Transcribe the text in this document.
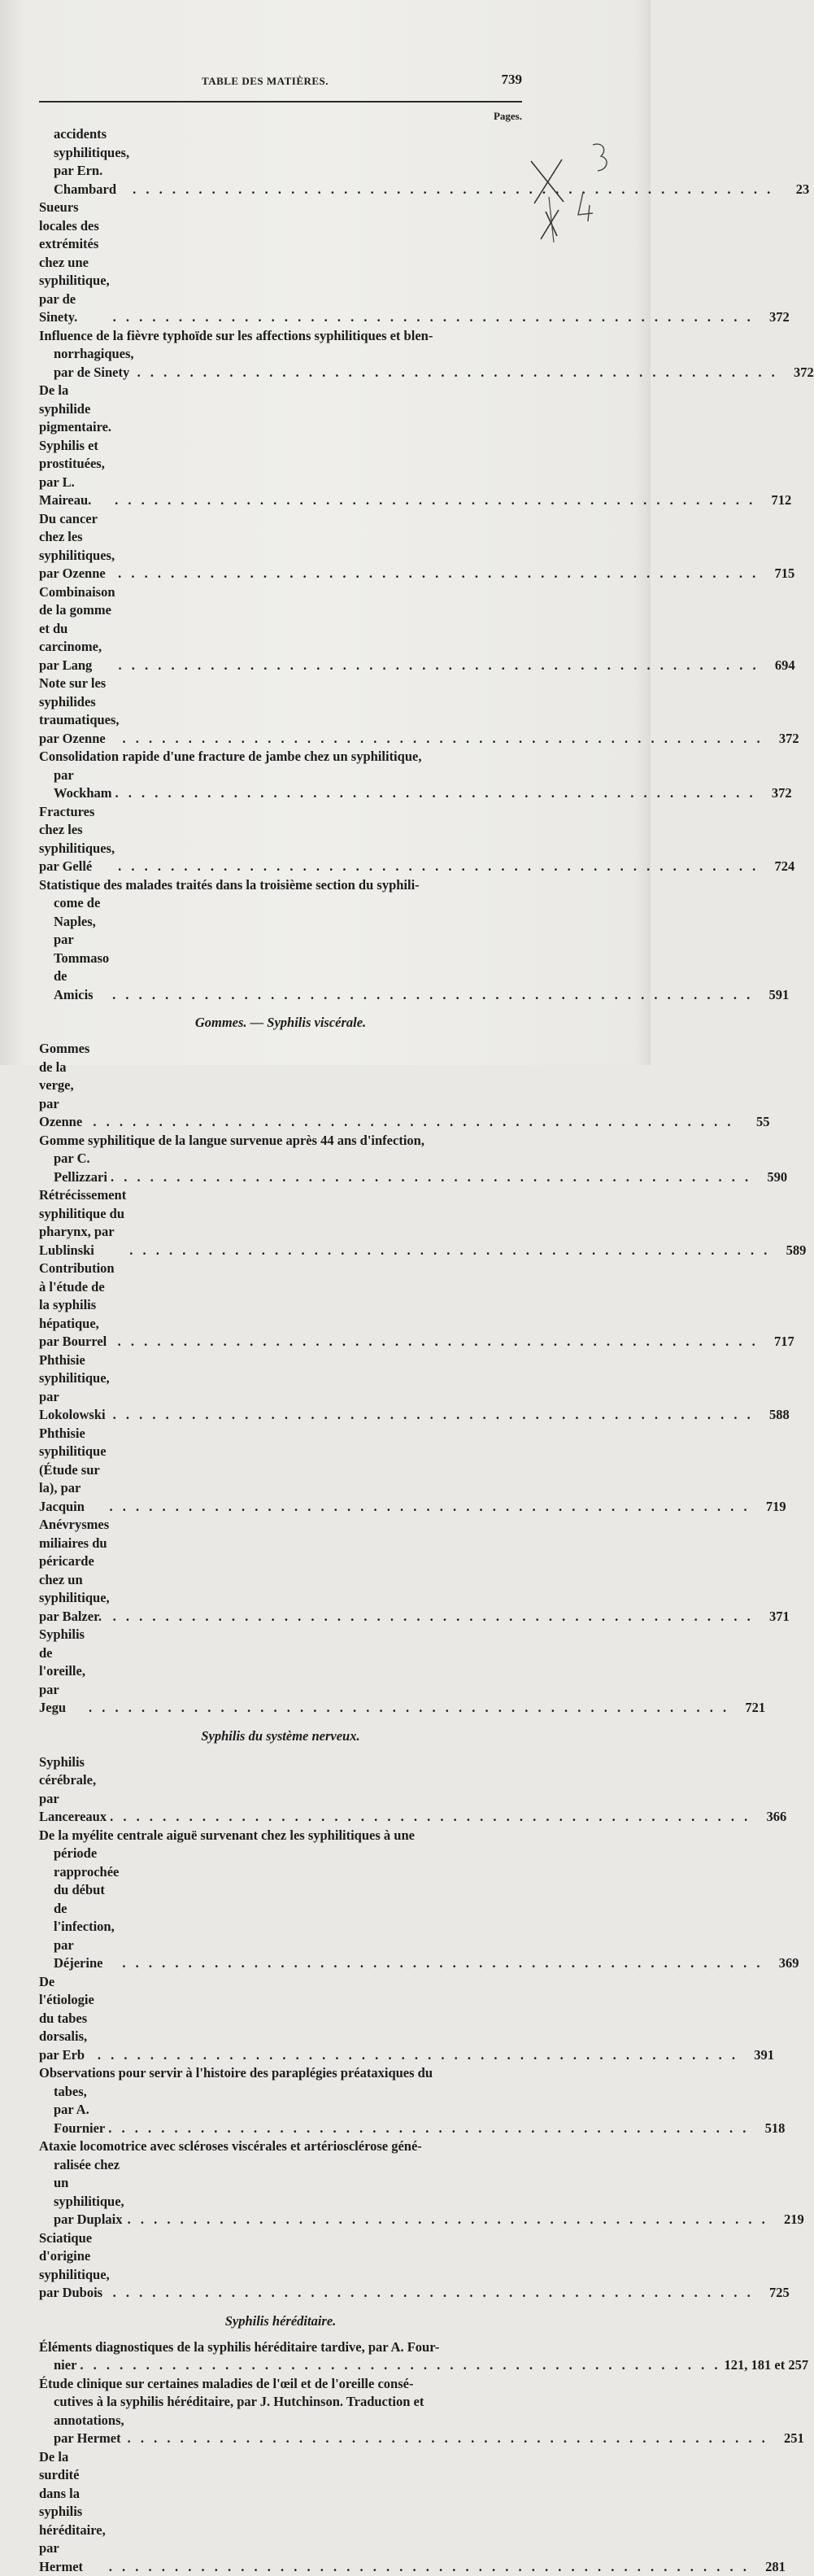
TABLE DES MATIÈRES.	739
Pages.
accidents syphilitiques, par Ern. Chambard	. . . . . . . . . . . . . . . . . . . . . . . . . . . . . . . . . . . . . . . . . . . . . . . . .	23
Sueurs locales des extrémités chez une syphilitique, par de Sinety.	. . . . . . . . . . . . . . . . . . . . . . . . . . . . . . . . . . . . . . . . . . . . . . . . .	372
Influence de la fièvre typhoïde sur les affections syphilitiques et blen-
norrhagiques, par de Sinety . . . . . . . . . . . . . . . . . . . . . . . . . . . . . . . . . . . . . . . . . . . . . . . . .	372
De la syphilide pigmentaire. Syphilis et prostituées, par L. Maireau.	. . . . . . . . . . . . . . . . . . . . . . . . . . . . . . . . . . . . . . . . . . . . . . . . .	712
Du cancer chez les syphilitiques, par Ozenne . . . . . . . . . . . . . . . . . . . . . . . . . . . . . . . . . . . . . . . . . . . . . . . . .	715
Combinaison de la gomme et du carcinome, par Lang	. . . . . . . . . . . . . . . . . . . . . . . . . . . . . . . . . . . . . . . . . . . . . . . . .	694
Note sur les syphilides traumatiques, par Ozenne	. . . . . . . . . . . . . . . . . . . . . . . . . . . . . . . . . . . . . . . . . . . . . . . . .	372
Consolidation rapide d'une fracture de jambe chez un syphilitique,
par Wockham . . . . . . . . . . . . . . . . . . . . . . . . . . . . . . . . . . . . . . . . . . . . . . . . .	372
Fractures chez les syphilitiques, par Gellé	. . . . . . . . . . . . . . . . . . . . . . . . . . . . . . . . . . . . . . . . . . . . . . . . .	724
Statistique des malades traités dans la troisième section du syphili-
come de Naples, par Tommaso de Amicis	. . . . . . . . . . . . . . . . . . . . . . . . . . . . . . . . . . . . . . . . . . . . . . . . .	591
Gommes. — Syphilis viscérale.
Gommes de la verge, par Ozenne . . . . . . . . . . . . . . . . . . . . . . . . . . . . . . . . . . . . . . . . . . . . . . . . .	55
Gomme syphilitique de la langue survenue après 44 ans d'infection,
par C. Pellizzari . . . . . . . . . . . . . . . . . . . . . . . . . . . . . . . . . . . . . . . . . . . . . . . . .	590
Rétrécissement syphilitique du pharynx, par Lublinski	. . . . . . . . . . . . . . . . . . . . . . . . . . . . . . . . . . . . . . . . . . . . . . . . .	589
Contribution à l'étude de la syphilis hépatique, par Bourrel . . . . . . . . . . . . . . . . . . . . . . . . . . . . . . . . . . . . . . . . . . . . . . . . .	717
Phthisie syphilitique, par Lokolowski . . . . . . . . . . . . . . . . . . . . . . . . . . . . . . . . . . . . . . . . . . . . . . . . .	588
Phthisie syphilitique (Étude sur la), par Jacquin	. . . . . . . . . . . . . . . . . . . . . . . . . . . . . . . . . . . . . . . . . . . . . . . . .	719
Anévrysmes miliaires du péricarde chez un syphilitique, par Balzer. . . . . . . . . . . . . . . . . . . . . . . . . . . . . . . . . . . . . . . . . . . . . . . . . .	371
Syphilis de l'oreille, par Jegu	. . . . . . . . . . . . . . . . . . . . . . . . . . . . . . . . . . . . . . . . . . . . . . . . .	721
Syphilis du système nerveux.
Syphilis cérébrale, par Lancereaux . . . . . . . . . . . . . . . . . . . . . . . . . . . . . . . . . . . . . . . . . . . . . . . . .	366
De la myélite centrale aiguë survenant chez les syphilitiques à une
période rapprochée du début de l'infection, par Déjerine	. . . . . . . . . . . . . . . . . . . . . . . . . . . . . . . . . . . . . . . . . . . . . . . . .	369
De l'étiologie du tabes dorsalis, par Erb . . . . . . . . . . . . . . . . . . . . . . . . . . . . . . . . . . . . . . . . . . . . . . . . .	391
Observations pour servir à l'histoire des paraplégies préataxiques du
tabes, par A. Fournier . . . . . . . . . . . . . . . . . . . . . . . . . . . . . . . . . . . . . . . . . . . . . . . . .	518
Ataxie locomotrice avec scléroses viscérales et artériosclérose géné-
ralisée chez un syphilitique, par Duplaix . . . . . . . . . . . . . . . . . . . . . . . . . . . . . . . . . . . . . . . . . . . . . . . . .	219
Sciatique d'origine syphilitique, par Dubois . . . . . . . . . . . . . . . . . . . . . . . . . . . . . . . . . . . . . . . . . . . . . . . . .	725
Syphilis héréditaire.
Éléments diagnostiques de la syphilis héréditaire tardive, par A. Four-
nier . . . . . . . . . . . . . . . . . . . . . . . . . . . . . . . . . . . . . . . . . . . . . . . . . 121, 181 et 257
Étude clinique sur certaines maladies de l'œil et de l'oreille consé-
cutives à la syphilis héréditaire, par J. Hutchinson. Traduction et
annotations, par Hermet . . . . . . . . . . . . . . . . . . . . . . . . . . . . . . . . . . . . . . . . . . . . . . . . .	251
De la surdité dans la syphilis héréditaire, par Hermet	. . . . . . . . . . . . . . . . . . . . . . . . . . . . . . . . . . . . . . . . . . . . . . . . .	281
